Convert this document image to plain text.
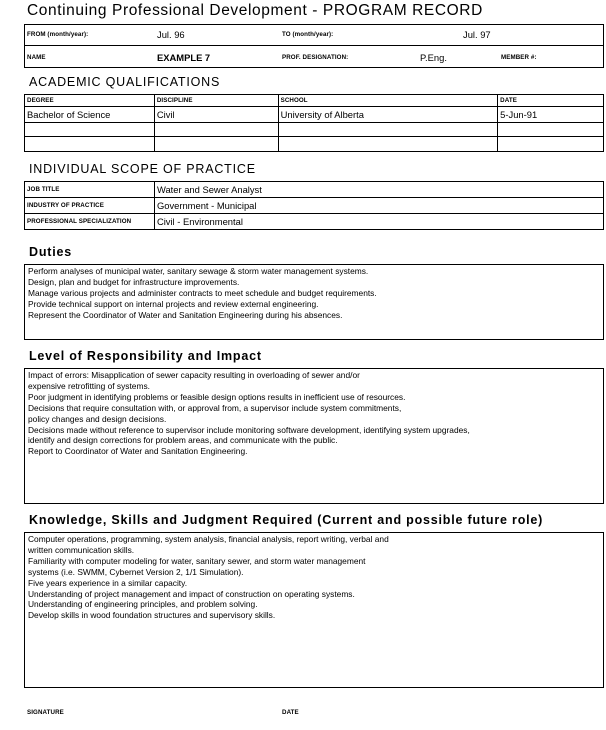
Continuing Professional Development - PROGRAM RECORD
FROM (month/year):	Jul. 96	TO (month/year):	Jul. 97
NAME	EXAMPLE 7	PROF. DESIGNATION:	P.Eng.	MEMBER #:
ACADEMIC QUALIFICATIONS
DEGREE	DISCIPLINE	SCHOOL	DATE
Bachelor of Science	Civil	University of Alberta	5-Jun-91

INDIVIDUAL SCOPE OF PRACTICE
JOB TITLE	Water and Sewer Analyst
INDUSTRY OF PRACTICE	Government - Municipal
PROFESSIONAL SPECIALIZATION	Civil - Environmental
Duties
Perform analyses of municipal water, sanitary sewage & storm water management systems.
Design, plan and budget for infrastructure improvements.
Manage various projects and administer contracts to meet schedule and budget requirements.
Provide technical support on internal projects and review external engineering.
Represent the Coordinator of Water and Sanitation Engineering during his absences.
Level of Responsibility and Impact
Impact of errors: Misapplication of sewer capacity resulting in overloading of sewer and/or
expensive retrofitting of systems.
Poor judgment in identifying problems or feasible design options results in inefficient use of resources.
Decisions that require consultation with, or approval from, a supervisor include system commitments,
policy changes and design decisions.
Decisions made without reference to supervisor include monitoring software development, identifying system upgrades,
identify and design corrections for problem areas, and communicate with the public.
Report to Coordinator of Water and Sanitation Engineering.
Knowledge, Skills and Judgment Required (Current and possible future role)
Computer operations, programming, system analysis, financial analysis, report writing, verbal and
written communication skills.
Familiarity with computer modeling for water, sanitary sewer, and storm water management
systems (i.e. SWMM, Cybernet Version 2, 1/1 Simulation).
Five years experience in a similar capacity.
Understanding of project management and impact of construction on operating systems.
Understanding of engineering principles, and problem solving.
Develop skills in wood foundation structures and supervisory skills.
SIGNATURE	DATE
